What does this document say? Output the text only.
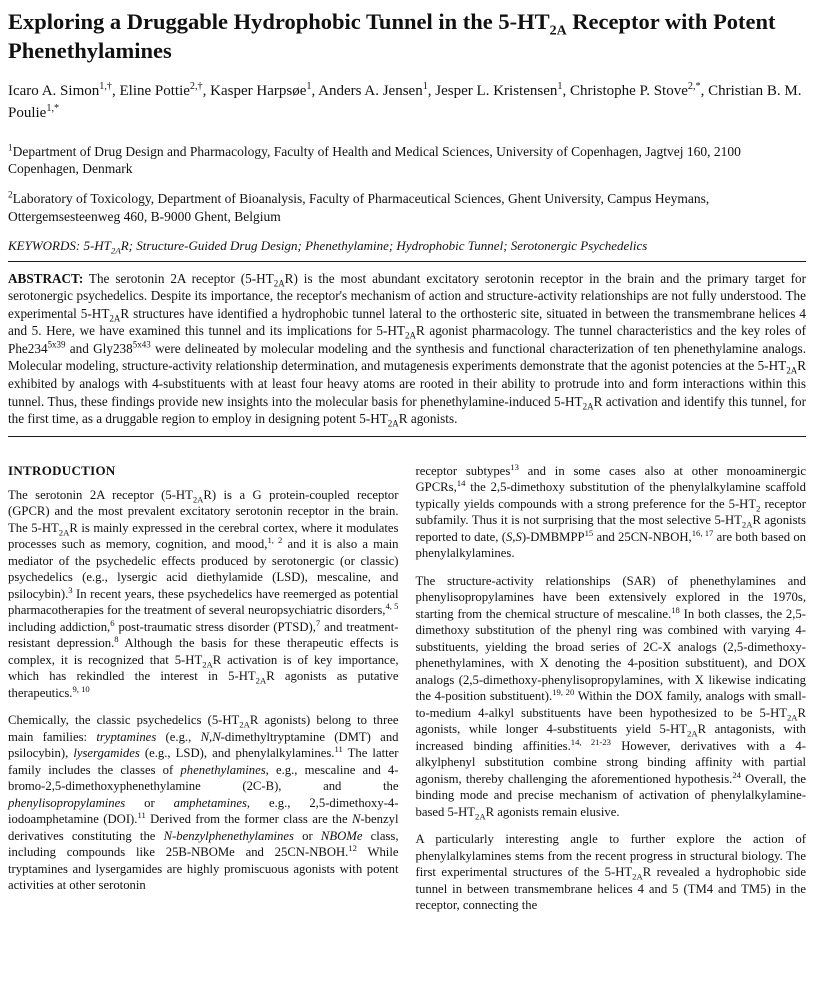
Exploring a Druggable Hydrophobic Tunnel in the $5-HT_{2A}$ Receptor with Potent Phenethylamines

Icaro A. Simon$^{1,\dagger}$, Eline Pottie$^{2,\dagger}$, Kasper Harpsøe$^1$, Anders A. Jensen$^1$, Jesper L. Kristensen$^1$, Christophe P. Stove$^{2,*}$, Christian B. M. Poulie$^{1,*}$

$^1$Department of Drug Design and Pharmacology, Faculty of Health and Medical Sciences, University of Copenhagen, Jagtvej 160, 2100 Copenhagen, Denmark

$^2$Laboratory of Toxicology, Department of Bioanalysis, Faculty of Pharmaceutical Sciences, Ghent University, Campus Heymans, Ottergemsesteenweg 460, B-9000 Ghent, Belgium

KEYWORDS: $5-HT_{2A}R$; Structure-Guided Drug Design; Phenethylamine; Hydrophobic Tunnel; Serotonergic Psychedelics

ABSTRACT: The serotonin 2A receptor $(5-HT_{2A}R)$ is the most abundant excitatory serotonin receptor in the brain and the primary target for serotonergic psychedelics. Despite its importance, the receptor's mechanism of action and structure-activity relationships are not fully understood. The experimental $5-HT_{2A}R$ structures have identified a hydrophobic tunnel lateral to the orthosteric site, situated in between the transmembrane helices 4 and 5. Here, we have examined this tunnel and its implications for $5-HT_{2A}R$ agonist pharmacology. The tunnel characteristics and the key roles of $Phe234^{5x39}$ and $Gly238^{5x43}$ were delineated by molecular modeling and the synthesis and functional characterization of ten phenethylamine analogs. Molecular modeling, structure-activity relationship determination, and mutagenesis experiments demonstrate that the agonist potencies at the $5-HT_{2A}R$ exhibited by analogs with 4-substituents with at least four heavy atoms are rooted in their ability to protrude into and form interactions within this tunnel. Thus, these findings provide new insights into the molecular basis for phenethylamine-induced $5-HT_{2A}R$ activation and identify this tunnel, for the first time, as a druggable region to employ in designing potent $5-HT_{2A}R$ agonists.

INTRODUCTION

The serotonin 2A receptor $(5-HT_{2A}R)$ is a G protein-coupled receptor (GPCR) and the most prevalent excitatory serotonin receptor in the brain. The $5-HT_{2A}R$ is mainly expressed in the cerebral cortex, where it modulates processes such as memory, cognition, and mood,$^{1, 2}$ and it is also a main mediator of the psychedelic effects produced by serotonergic (or classic) psychedelics (e.g., lysergic acid diethylamide (LSD), mescaline, and psilocybin).$^3$ In recent years, these psychedelics have reemerged as potential pharmacotherapies for the treatment of several neuropsychiatric disorders,$^{4, 5}$ including addiction,$^6$ post-traumatic stress disorder (PTSD),$^7$ and treatment-resistant depression.$^8$ Although the basis for these therapeutic effects is complex, it is recognized that $5-HT_{2A}R$ activation is of key importance, which has rekindled the interest in $5-HT_{2A}R$ agonists as putative therapeutics.$^{9, 10}$

Chemically, the classic psychedelics ($5-HT_{2A}R$ agonists) belong to three main families: tryptamines (e.g., N,N-dimethyltryptamine (DMT) and psilocybin), lysergamides (e.g., LSD), and phenylalkylamines.$^{11}$ The latter family includes the classes of phenethylamines, e.g., mescaline and 4-bromo-2,5-dimethoxyphenethylamine (2C-B), and the phenylisopropylamines or amphetamines, e.g., 2,5-dimethoxy-4-iodoamphetamine (DOI).$^{11}$ Derived from the former class are the N-benzyl derivatives constituting the N-benzylphenethylamines or NBOMe class, including compounds like 25B-NBOMe and 25CN-NBOH.$^{12}$ While tryptamines and lysergamides are highly promiscuous agonists with potent activities at other serotonin

receptor subtypes$^{13}$ and in some cases also at other monoaminergic GPCRs,$^{14}$ the 2,5-dimethoxy substitution of the phenylalkylamine scaffold typically yields compounds with a strong preference for the $5-HT_2$ receptor subfamily. Thus it is not surprising that the most selective $5-HT_{2A}R$ agonists reported to date, (S,S)-DMBMPP$^{15}$ and 25CN-NBOH,$^{16, 17}$ are both based on phenylalkylamines.

The structure-activity relationships (SAR) of phenethylamines and phenylisopropylamines have been extensively explored in the 1970s, starting from the chemical structure of mescaline.$^{18}$ In both classes, the 2,5-dimethoxy substitution of the phenyl ring was combined with varying 4-substituents, yielding the broad series of 2C-X analogs (2,5-dimethoxy-phenethylamines, with X denoting the 4-position substituent), and DOX analogs (2,5-dimethoxy-phenylisopropylamines, with X likewise indicating the 4-position substituent).$^{19, 20}$ Within the DOX family, analogs with small-to-medium 4-alkyl substituents have been hypothesized to be $5-HT_{2A}R$ agonists, while longer 4-substituents yield $5-HT_{2A}R$ antagonists, with increased binding affinities.$^{14, 21-23}$ However, derivatives with a 4-alkylphenyl substitution combine strong binding affinity with partial agonism, thereby challenging the aforementioned hypothesis.$^{24}$ Overall, the binding mode and precise mechanism of activation of phenylalkylamine-based $5-HT_{2A}R$ agonists remain elusive.

A particularly interesting angle to further explore the action of phenylalkylamines stems from the recent progress in structural biology. The first experimental structures of the $5-HT_{2A}R$ revealed a hydrophobic side tunnel in between transmembrane helices 4 and 5 (TM4 and TM5) in the receptor, connecting the
